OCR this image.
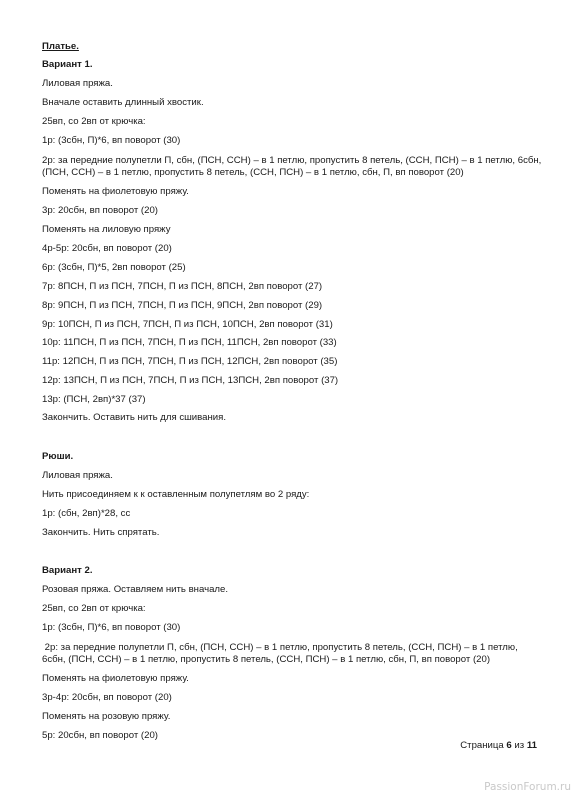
Платье.
Вариант 1.
Лиловая пряжа.
Вначале оставить длинный хвостик.
25вп, со 2вп от крючка:
1р: (3сбн, П)*6, вп поворот (30)
2р: за передние полупетли П, сбн, (ПСН, ССН) – в 1 петлю, пропустить 8 петель, (ССН, ПСН) – в 1 петлю, 6сбн,
(ПСН, ССН) – в 1 петлю, пропустить 8 петель, (ССН, ПСН) – в 1 петлю, сбн, П, вп поворот (20)
Поменять на фиолетовую пряжу.
3р: 20сбн, вп поворот (20)
Поменять на лиловую пряжу
4р-5р: 20сбн, вп поворот (20)
6р: (3сбн, П)*5, 2вп поворот (25)
7р: 8ПСН, П из ПСН, 7ПСН, П из ПСН, 8ПСН, 2вп поворот (27)
8р: 9ПСН, П из ПСН, 7ПСН, П из ПСН, 9ПСН, 2вп поворот (29)
9р: 10ПСН, П из ПСН, 7ПСН, П из ПСН, 10ПСН, 2вп поворот (31)
10р: 11ПСН, П из ПСН, 7ПСН, П из ПСН, 11ПСН, 2вп поворот (33)
11р: 12ПСН, П из ПСН, 7ПСН, П из ПСН, 12ПСН, 2вп поворот (35)
12р: 13ПСН, П из ПСН, 7ПСН, П из ПСН, 13ПСН, 2вп поворот (37)
13р: (ПСН, 2вп)*37 (37)
Закончить. Оставить нить для сшивания.
Рюши.
Лиловая пряжа.
Нить присоединяем к к оставленным полупетлям во 2 ряду:
1р: (сбн, 2вп)*28, сс
Закончить. Нить спрятать.
Вариант 2.
Розовая пряжа. Оставляем нить вначале.
25вп, со 2вп от крючка:
1р: (3сбн, П)*6, вп поворот (30)
2р: за передние полупетли П, сбн, (ПСН, ССН) – в 1 петлю, пропустить 8 петель, (ССН, ПСН) – в 1 петлю,
6сбн, (ПСН, ССН) – в 1 петлю, пропустить 8 петель, (ССН, ПСН) – в 1 петлю, сбн, П, вп поворот (20)
Поменять на фиолетовую пряжу.
3р-4р: 20сбн, вп поворот (20)
Поменять на розовую пряжу.
5р: 20сбн, вп поворот (20)
Страница 6 из 11
PassionForum.ru
